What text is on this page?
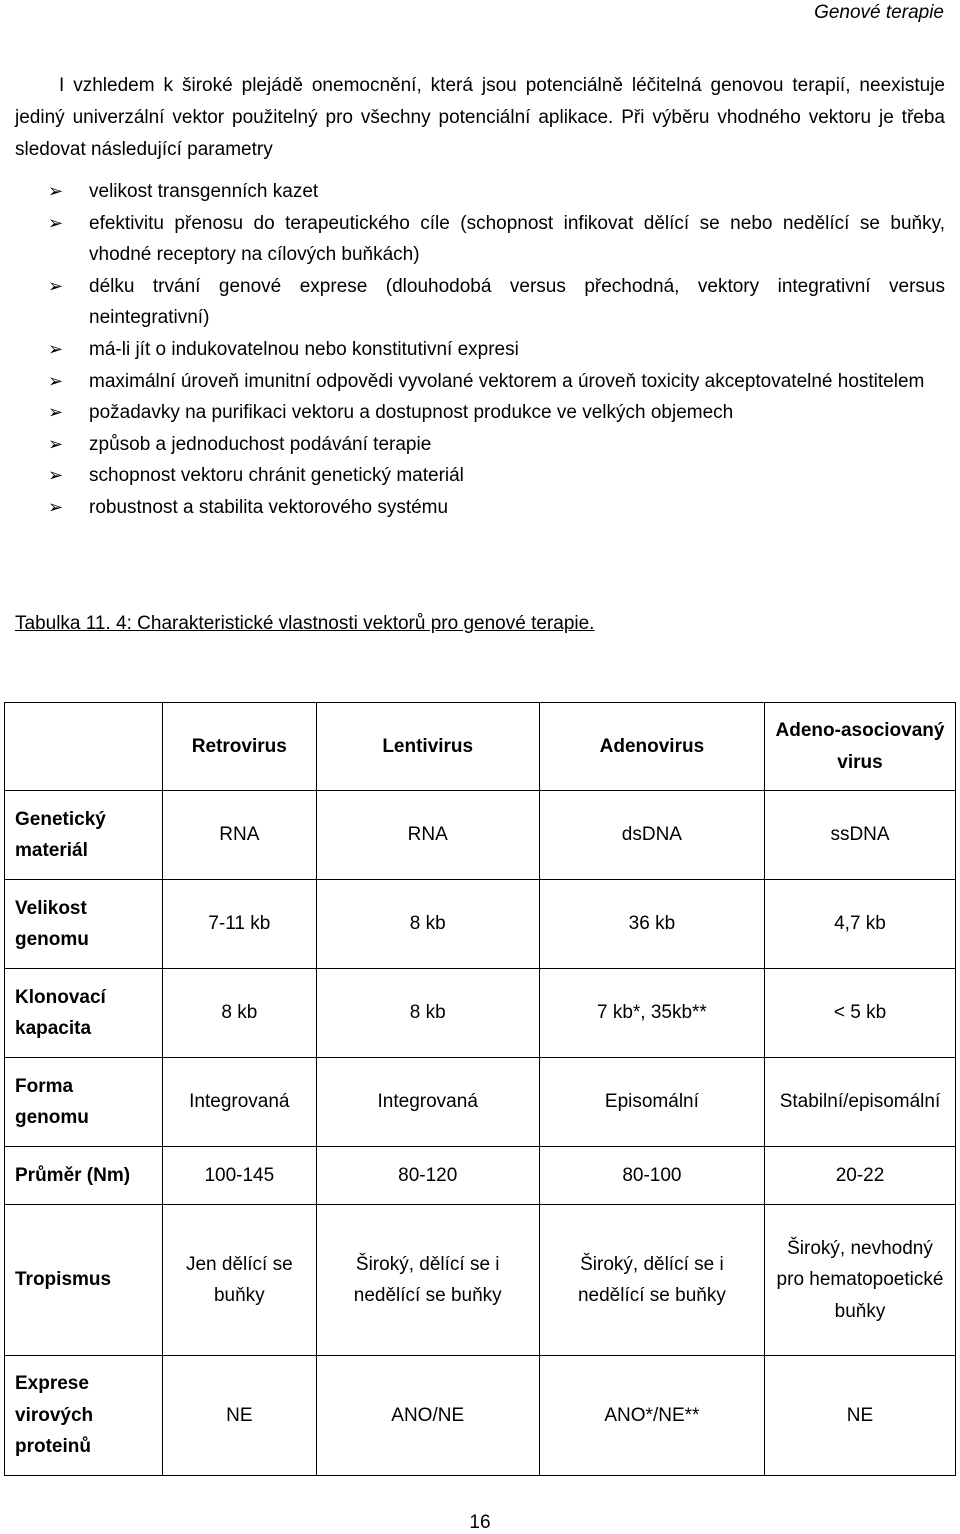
Genové terapie

I vzhledem k široké plejádě onemocnění, která jsou potenciálně léčitelná genovou terapií, neexistuje jediný univerzální vektor použitelný pro všechny potenciální aplikace. Při výběru vhodného vektoru je třeba sledovat následující parametry

➢ velikost transgenních kazet
➢ efektivitu přenosu do terapeutického cíle (schopnost infikovat dělící se nebo nedělící se buňky, vhodné receptory na cílových buňkách)
➢ délku trvání genové exprese (dlouhodobá versus přechodná, vektory integrativní versus neintegrativní)
➢ má-li jít o indukovatelnou nebo konstitutivní expresi
➢ maximální úroveň imunitní odpovědi vyvolané vektorem a úroveň toxicity akceptovatelné hostitelem
➢ požadavky na purifikaci vektoru a dostupnost produkce ve velkých objemech
➢ způsob a jednoduchost podávání terapie
➢ schopnost vektoru chránit genetický materiál
➢ robustnost a stabilita vektorového systému
Tabulka 11. 4: Charakteristické vlastnosti vektorů pro genové terapie.
	Retrovirus	Lentivirus	Adenovirus	Adeno-asociovaný virus
Genetický materiál	RNA	RNA	dsDNA	ssDNA
Velikost genomu	7-11 kb	8 kb	36 kb	4,7 kb
Klonovací kapacita	8 kb	8 kb	7 kb*, 35kb**	< 5 kb
Forma genomu	Integrovaná	Integrovaná	Episomální	Stabilní/episomální
Průměr (Nm)	100-145	80-120	80-100	20-22
Tropismus	Jen dělící se buňky	Široký, dělící se i nedělící se buňky	Široký, dělící se i nedělící se buňky	Široký, nevhodný pro hematopoetické buňky
Exprese virových proteinů	NE	ANO/NE	ANO*/NE**	NE
16
